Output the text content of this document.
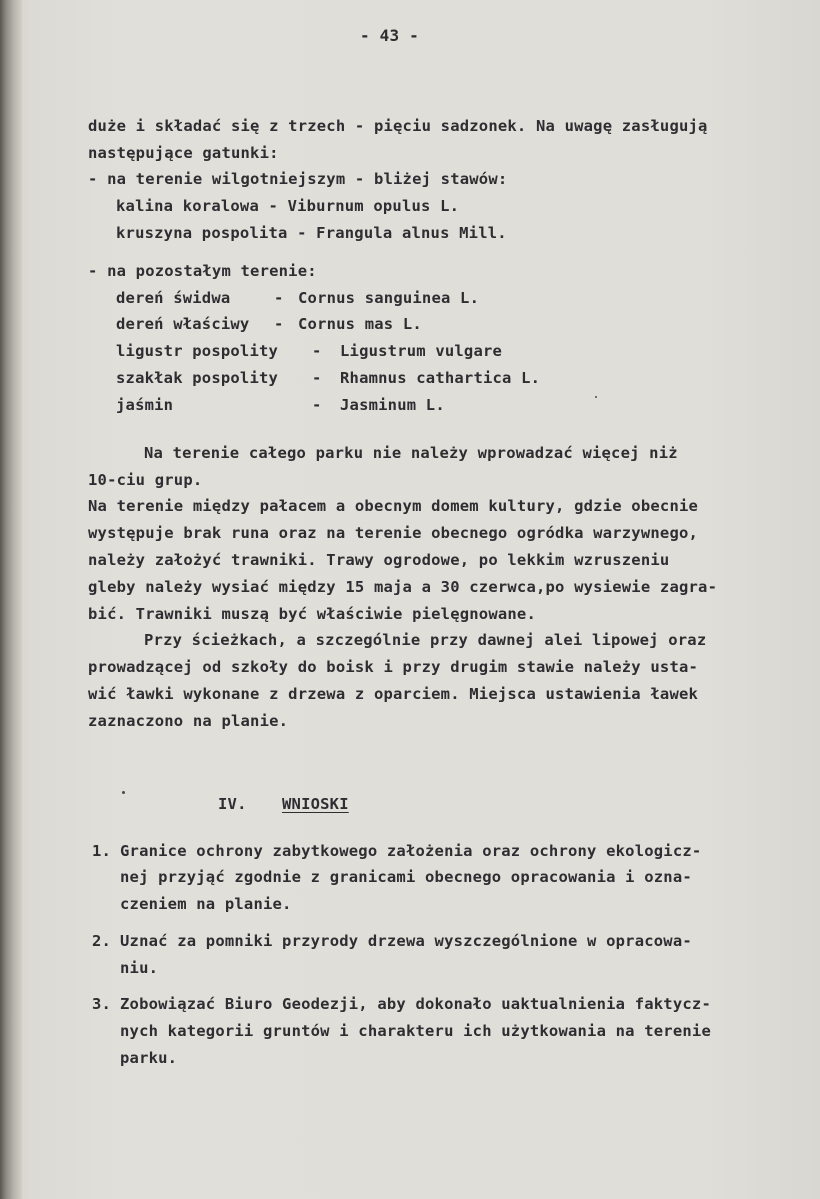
- 43 -
duże i składać się z trzech - pięciu sadzonek. Na uwagę zasługują
następujące gatunki:
- na terenie wilgotniejszym - bliżej stawów:
kalina koralowa - Viburnum opulus L.
kruszyna pospolita - Frangula alnus Mill.
- na pozostałym terenie:
dereń świdwa	- Cornus sanguinea L.
dereń właściwy - Cornus mas L.
ligustr pospolity - Ligustrum vulgare
szakłak pospolity - Rhamnus cathartica L.
jaśmin	- Jasminum L.
Na terenie całego parku nie należy wprowadzać więcej niż
10-ciu grup.
Na terenie między pałacem a obecnym domem kultury, gdzie obecnie
występuje brak runa oraz na terenie obecnego ogródka warzywnego,
należy założyć trawniki. Trawy ogrodowe, po lekkim wzruszeniu
gleby należy wysiać między 15 maja a 30 czerwca,po wysiewie zagra-
bić. Trawniki muszą być właściwie pielęgnowane.
Przy ścieżkach, a szczególnie przy dawnej alei lipowej oraz
prowadzącej od szkoły do boisk i przy drugim stawie należy usta-
wić ławki wykonane z drzewa z oparciem. Miejsca ustawienia ławek
zaznaczono na planie.
IV. WNIOSKI
1. Granice ochrony zabytkowego założenia oraz ochrony ekologicz-
nej przyjąć zgodnie z granicami obecnego opracowania i ozna-
czeniem na planie.
2. Uznać za pomniki przyrody drzewa wyszczególnione w opracowa-
niu.
3. Zobowiązać Biuro Geodezji, aby dokonało uaktualnienia faktycz-
nych kategorii gruntów i charakteru ich użytkowania na terenie
parku.
